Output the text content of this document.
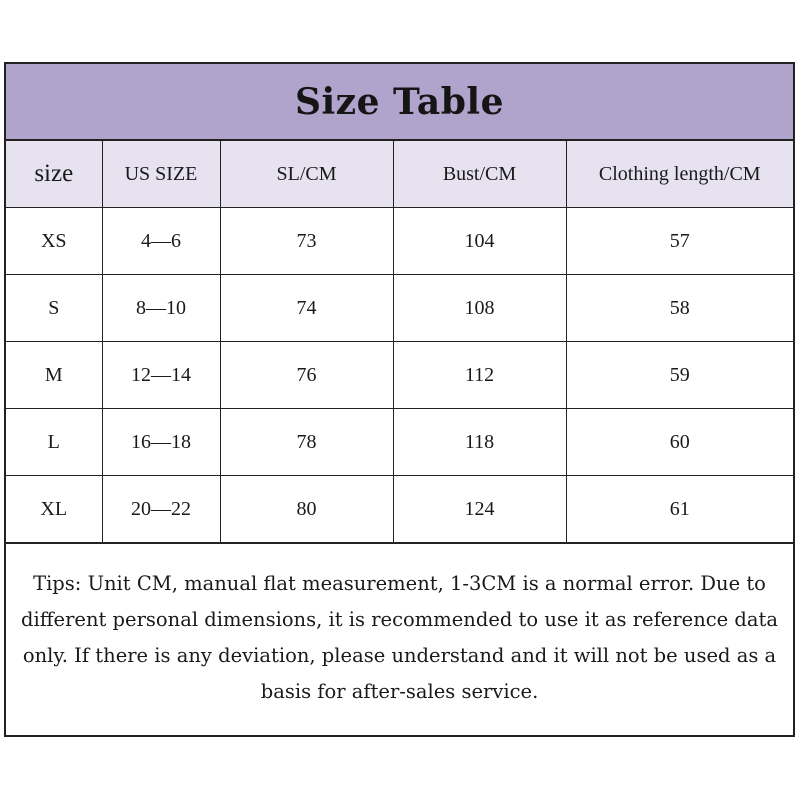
Size Table
size	US SIZE	SL/CM	Bust/CM	Clothing length/CM
XS	4—6	73	104	57
S	8—10	74	108	58
M	12—14	76	112	59
L	16—18	78	118	60
XL	20—22	80	124	61
Tips: Unit CM, manual flat measurement, 1-3CM is a normal error. Due to different personal dimensions, it is recommended to use it as reference data only. If there is any deviation, please understand and it will not be used as a basis for after-sales service.
